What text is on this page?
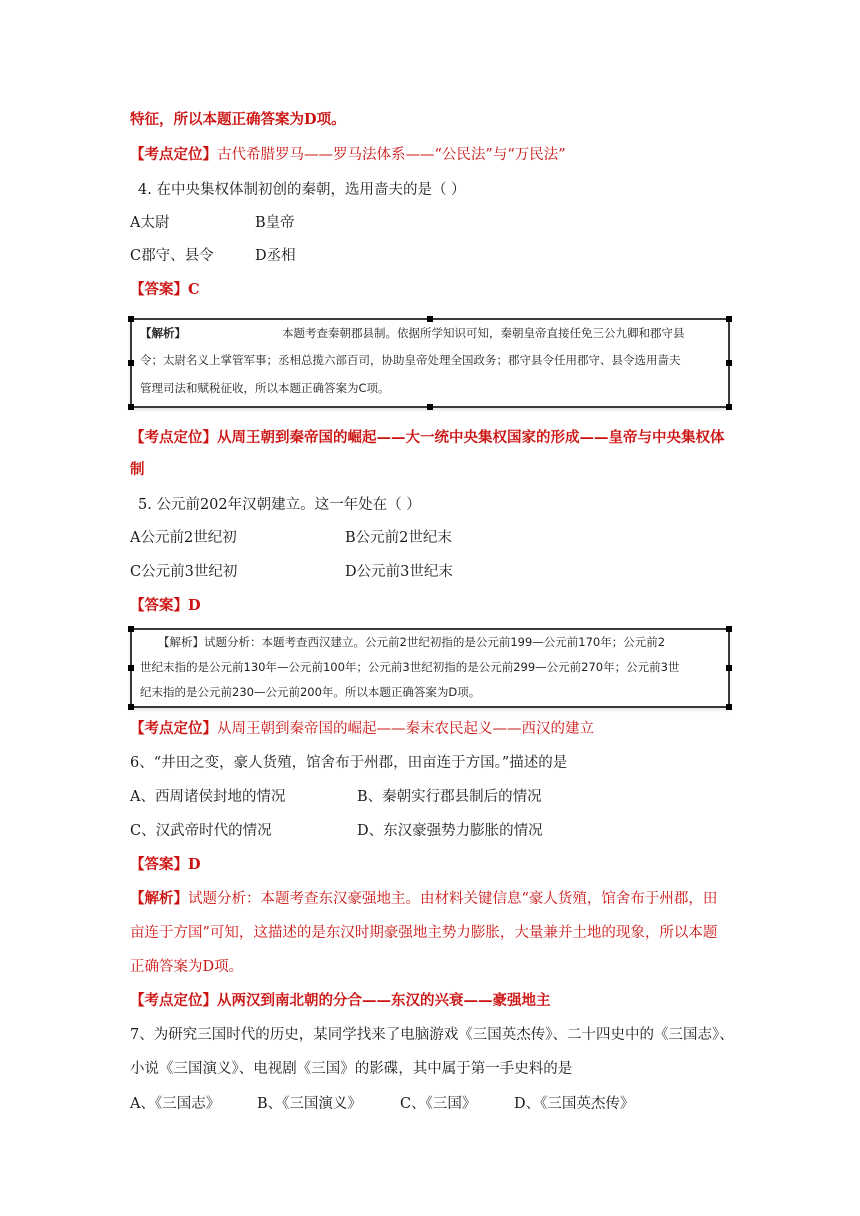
特征，所以本题正确答案为D项。
【考点定位】古代希腊罗马——罗马法体系——“公民法”与“万民法”
4. 在中央集权体制初创的秦朝，选用啬夫的是（ ）
A太尉	B皇帝
C郡守、县令	D丞相
【答案】C
【解析】	本题考查秦朝郡县制。依据所学知识可知，秦朝皇帝直接任免三公九卿和郡守县
令；太尉名义上掌管军事；丞相总揽六部百司，协助皇帝处理全国政务；郡守县令任用郡守、县令选用啬夫
管理司法和赋税征收，所以本题正确答案为C项。
【考点定位】从周王朝到秦帝国的崛起——大一统中央集权国家的形成——皇帝与中央集权体
制
5. 公元前202年汉朝建立。这一年处在（ ）
A公元前2世纪初	B公元前2世纪末
C公元前3世纪初	D公元前3世纪末
【答案】D
【解析】试题分析：本题考查西汉建立。公元前2世纪初指的是公元前199—公元前170年；公元前2
世纪末指的是公元前130年—公元前100年；公元前3世纪初指的是公元前299—公元前270年；公元前3世
纪末指的是公元前230—公元前200年。所以本题正确答案为D项。
【考点定位】从周王朝到秦帝国的崛起——秦末农民起义——西汉的建立
6、“井田之变，豪人货殖，馆舍布于州郡，田亩连于方国。”描述的是
A、西周诸侯封地的情况	B、秦朝实行郡县制后的情况
C、汉武帝时代的情况	D、东汉豪强势力膨胀的情况
【答案】D
【解析】试题分析：本题考查东汉豪强地主。由材料关键信息“豪人货殖，馆舍布于州郡，田
亩连于方国”可知，这描述的是东汉时期豪强地主势力膨胀，大量兼并土地的现象，所以本题
正确答案为D项。
【考点定位】从两汉到南北朝的分合——东汉的兴衰——豪强地主
7、为研究三国时代的历史，某同学找来了电脑游戏《三国英杰传》、二十四史中的《三国志》、
小说《三国演义》、电视剧《三国》的影碟，其中属于第一手史料的是
A、《三国志》	B、《三国演义》	C、《三国》	D、《三国英杰传》
